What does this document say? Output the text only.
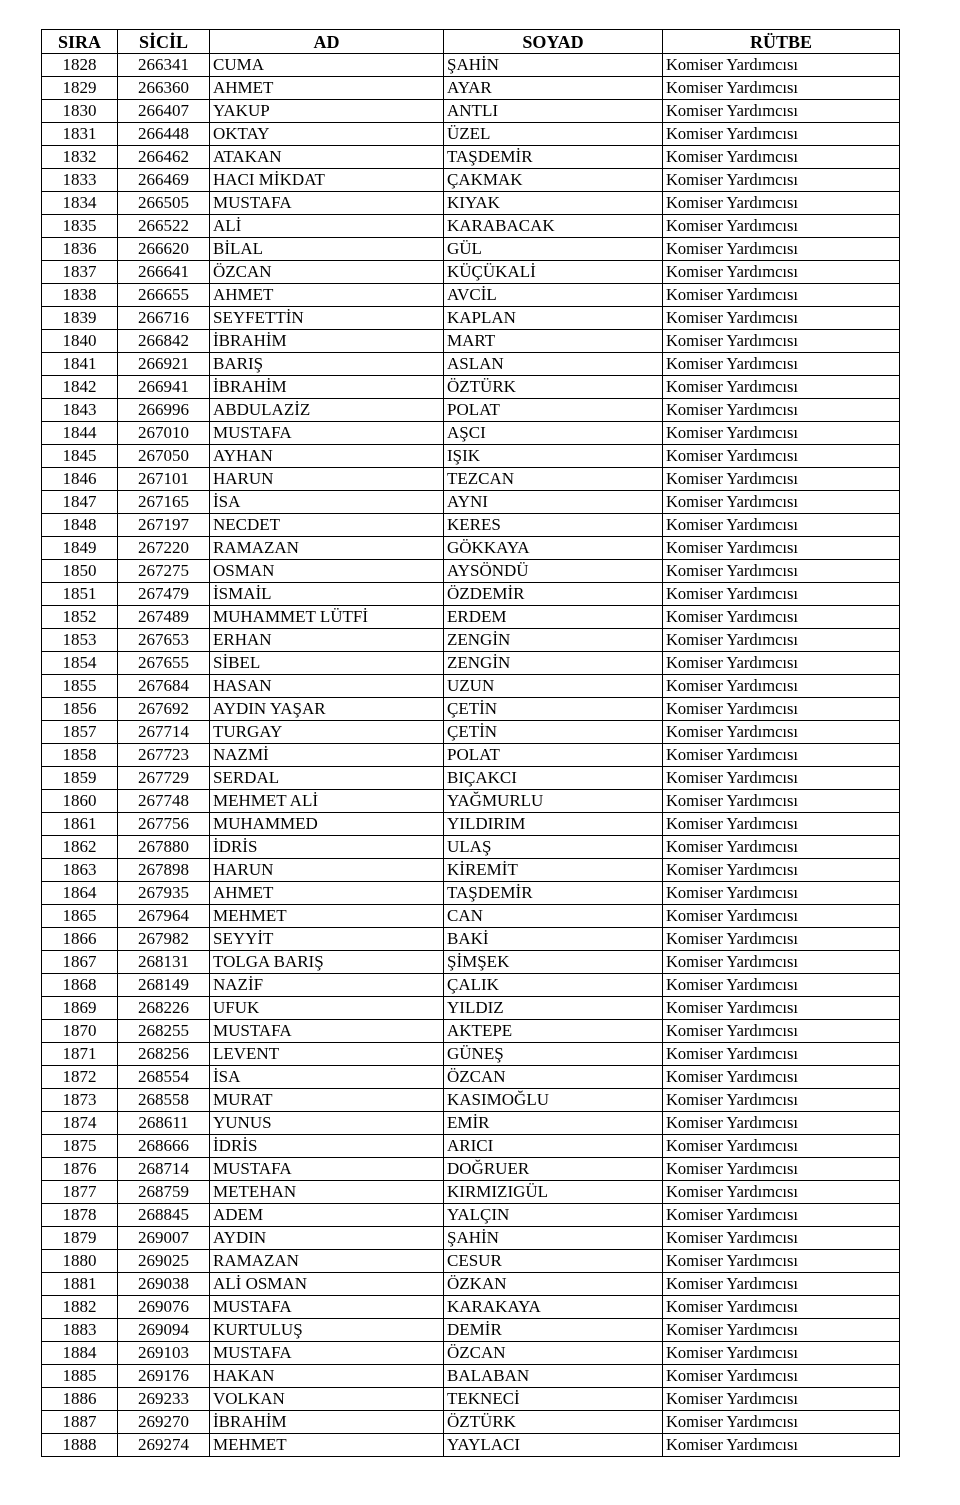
SIRA	SİCİL	AD	SOYAD	RÜTBE
1828	266341	CUMA	ŞAHİN	Komiser Yardımcısı
1829	266360	AHMET	AYAR	Komiser Yardımcısı
1830	266407	YAKUP	ANTLI	Komiser Yardımcısı
1831	266448	OKTAY	ÜZEL	Komiser Yardımcısı
1832	266462	ATAKAN	TAŞDEMİR	Komiser Yardımcısı
1833	266469	HACI MİKDAT	ÇAKMAK	Komiser Yardımcısı
1834	266505	MUSTAFA	KIYAK	Komiser Yardımcısı
1835	266522	ALİ	KARABACAK	Komiser Yardımcısı
1836	266620	BİLAL	GÜL	Komiser Yardımcısı
1837	266641	ÖZCAN	KÜÇÜKALİ	Komiser Yardımcısı
1838	266655	AHMET	AVCİL	Komiser Yardımcısı
1839	266716	SEYFETTİN	KAPLAN	Komiser Yardımcısı
1840	266842	İBRAHİM	MART	Komiser Yardımcısı
1841	266921	BARIŞ	ASLAN	Komiser Yardımcısı
1842	266941	İBRAHİM	ÖZTÜRK	Komiser Yardımcısı
1843	266996	ABDULAZİZ	POLAT	Komiser Yardımcısı
1844	267010	MUSTAFA	AŞCI	Komiser Yardımcısı
1845	267050	AYHAN	IŞIK	Komiser Yardımcısı
1846	267101	HARUN	TEZCAN	Komiser Yardımcısı
1847	267165	İSA	AYNI	Komiser Yardımcısı
1848	267197	NECDET	KERES	Komiser Yardımcısı
1849	267220	RAMAZAN	GÖKKAYA	Komiser Yardımcısı
1850	267275	OSMAN	AYSÖNDÜ	Komiser Yardımcısı
1851	267479	İSMAİL	ÖZDEMİR	Komiser Yardımcısı
1852	267489	MUHAMMET LÜTFİ	ERDEM	Komiser Yardımcısı
1853	267653	ERHAN	ZENGİN	Komiser Yardımcısı
1854	267655	SİBEL	ZENGİN	Komiser Yardımcısı
1855	267684	HASAN	UZUN	Komiser Yardımcısı
1856	267692	AYDIN YAŞAR	ÇETİN	Komiser Yardımcısı
1857	267714	TURGAY	ÇETİN	Komiser Yardımcısı
1858	267723	NAZMİ	POLAT	Komiser Yardımcısı
1859	267729	SERDAL	BIÇAKCI	Komiser Yardımcısı
1860	267748	MEHMET ALİ	YAĞMURLU	Komiser Yardımcısı
1861	267756	MUHAMMED	YILDIRIM	Komiser Yardımcısı
1862	267880	İDRİS	ULAŞ	Komiser Yardımcısı
1863	267898	HARUN	KİREMİT	Komiser Yardımcısı
1864	267935	AHMET	TAŞDEMİR	Komiser Yardımcısı
1865	267964	MEHMET	CAN	Komiser Yardımcısı
1866	267982	SEYYİT	BAKİ	Komiser Yardımcısı
1867	268131	TOLGA BARIŞ	ŞİMŞEK	Komiser Yardımcısı
1868	268149	NAZİF	ÇALIK	Komiser Yardımcısı
1869	268226	UFUK	YILDIZ	Komiser Yardımcısı
1870	268255	MUSTAFA	AKTEPE	Komiser Yardımcısı
1871	268256	LEVENT	GÜNEŞ	Komiser Yardımcısı
1872	268554	İSA	ÖZCAN	Komiser Yardımcısı
1873	268558	MURAT	KASIMOĞLU	Komiser Yardımcısı
1874	268611	YUNUS	EMİR	Komiser Yardımcısı
1875	268666	İDRİS	ARICI	Komiser Yardımcısı
1876	268714	MUSTAFA	DOĞRUER	Komiser Yardımcısı
1877	268759	METEHAN	KIRMIZIGÜL	Komiser Yardımcısı
1878	268845	ADEM	YALÇIN	Komiser Yardımcısı
1879	269007	AYDIN	ŞAHİN	Komiser Yardımcısı
1880	269025	RAMAZAN	CESUR	Komiser Yardımcısı
1881	269038	ALİ OSMAN	ÖZKAN	Komiser Yardımcısı
1882	269076	MUSTAFA	KARAKAYA	Komiser Yardımcısı
1883	269094	KURTULUŞ	DEMİR	Komiser Yardımcısı
1884	269103	MUSTAFA	ÖZCAN	Komiser Yardımcısı
1885	269176	HAKAN	BALABAN	Komiser Yardımcısı
1886	269233	VOLKAN	TEKNECİ	Komiser Yardımcısı
1887	269270	İBRAHİM	ÖZTÜRK	Komiser Yardımcısı
1888	269274	MEHMET	YAYLACI	Komiser Yardımcısı
